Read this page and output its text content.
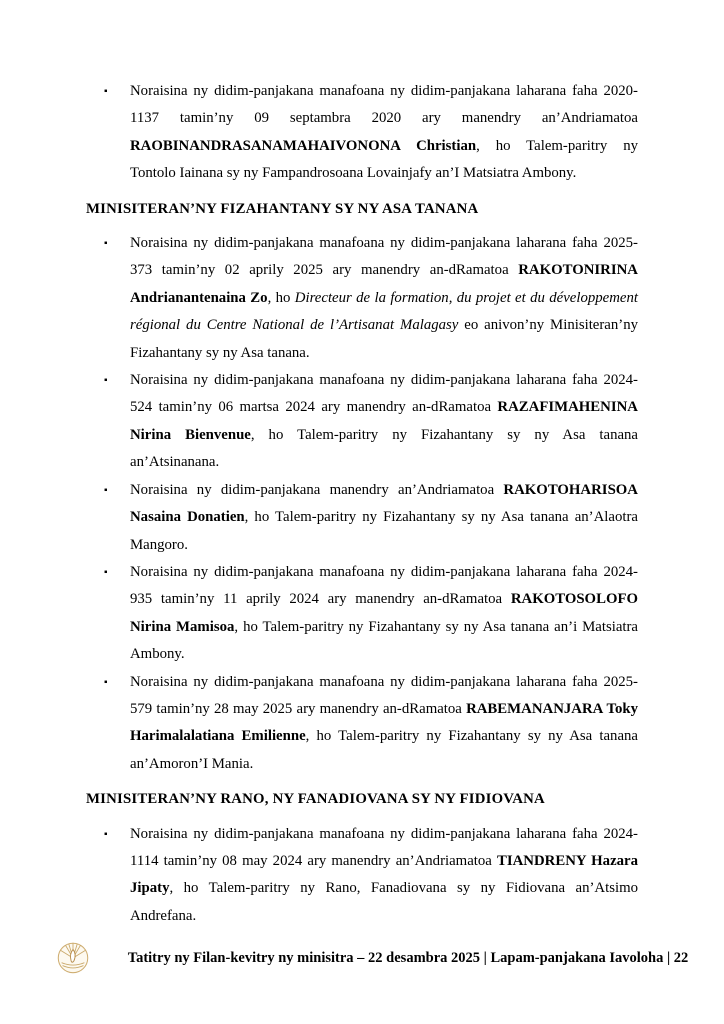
▪ Noraisina ny didim-panjakana manafoana ny didim-panjakana laharana faha 2020-1137 tamin’ny 09 septambra 2020 ary manendry an’Andriamatoa RAOBINANDRASANAMAHAIVONONA Christian, ho Talem-paritry ny Tontolo Iainana sy ny Fampandrosoana Lovainjafy an’I Matsiatra Ambony.
MINISITERAN’NY FIZAHANTANY SY NY ASA TANANA
▪ Noraisina ny didim-panjakana manafoana ny didim-panjakana laharana faha 2025-373 tamin’ny 02 aprily 2025 ary manendry an-dRamatoa RAKOTONIRINA Andrianantenaina Zo, ho Directeur de la formation, du projet et du développement régional du Centre National de l’Artisanat Malagasy eo anivon’ny Minisiteran’ny Fizahantany sy ny Asa tanana.
▪ Noraisina ny didim-panjakana manafoana ny didim-panjakana laharana faha 2024-524 tamin’ny 06 martsa 2024 ary manendry an-dRamatoa RAZAFIMAHENINA Nirina Bienvenue, ho Talem-paritry ny Fizahantany sy ny Asa tanana an’Atsinanana.
▪ Noraisina ny didim-panjakana manendry an’Andriamatoa RAKOTOHARISOA Nasaina Donatien, ho Talem-paritry ny Fizahantany sy ny Asa tanana an’Alaotra Mangoro.
▪ Noraisina ny didim-panjakana manafoana ny didim-panjakana laharana faha 2024-935 tamin’ny 11 aprily 2024 ary manendry an-dRamatoa RAKOTOSOLOFO Nirina Mamisoa, ho Talem-paritry ny Fizahantany sy ny Asa tanana an’i Matsiatra Ambony.
▪ Noraisina ny didim-panjakana manafoana ny didim-panjakana laharana faha 2025-579 tamin’ny 28 may 2025 ary manendry an-dRamatoa RABEMANANJARA Toky Harimalalatiana Emilienne, ho Talem-paritry ny Fizahantany sy ny Asa tanana an’Amoron’I Mania.
MINISITERAN’NY RANO, NY FANADIOVANA SY NY FIDIOVANA
▪ Noraisina ny didim-panjakana manafoana ny didim-panjakana laharana faha 2024-1114 tamin’ny 08 may 2024 ary manendry an’Andriamatoa TIANDRENY Hazara Jipaty, ho Talem-paritry ny Rano, Fanadiovana sy ny Fidiovana an’Atsimo Andrefana.
Tatitry ny Filan-kevitry ny minisitra – 22 desambra 2025 | Lapam-panjakana Iavoloha | 22
